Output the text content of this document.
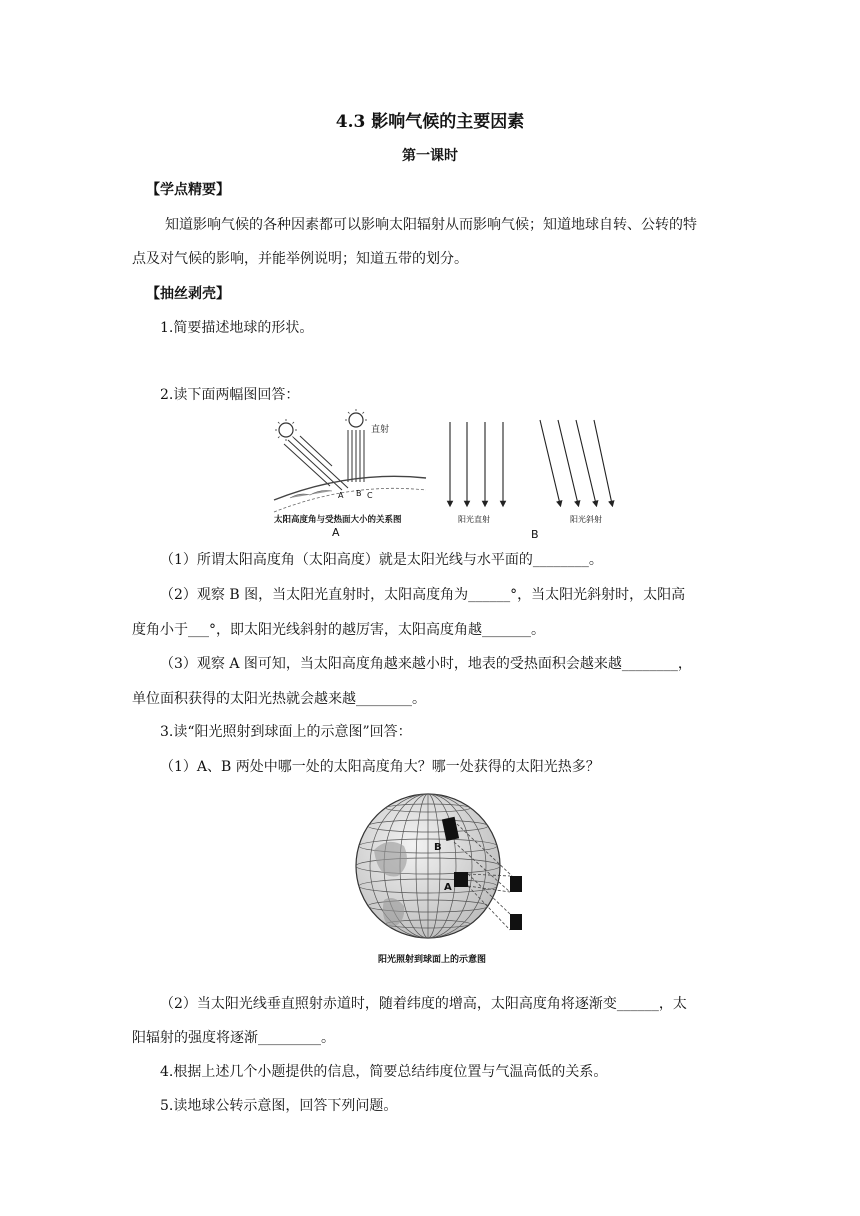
4.3 影响气候的主要因素
第一课时
【学点精要】
知道影响气候的各种因素都可以影响太阳辐射从而影响气候；知道地球自转、公转的特
点及对气候的影响，并能举例说明；知道五带的划分。
【抽丝剥壳】
1.简要描述地球的形状。
2.读下面两幅图回答：
直射
A B C
太阳高度角与受热面大小的关系图
A
阳光直射	阳光斜射
B
（1）所谓太阳高度角（太阳高度）就是太阳光线与水平面的________。
（2）观察 B 图，当太阳光直射时，太阳高度角为______°，当太阳光斜射时，太阳高
度角小于___°，即太阳光线斜射的越厉害，太阳高度角越_______。
（3）观察 A 图可知，当太阳高度角越来越小时，地表的受热面积会越来越________，
单位面积获得的太阳光热就会越来越________。
3.读“阳光照射到球面上的示意图”回答：
（1）A、B 两处中哪一处的太阳高度角大？哪一处获得的太阳光热多？
B
A
阳光照射到球面上的示意图
（2）当太阳光线垂直照射赤道时，随着纬度的增高，太阳高度角将逐渐变______，太
阳辐射的强度将逐渐_________。
4.根据上述几个小题提供的信息，简要总结纬度位置与气温高低的关系。
5.读地球公转示意图，回答下列问题。
